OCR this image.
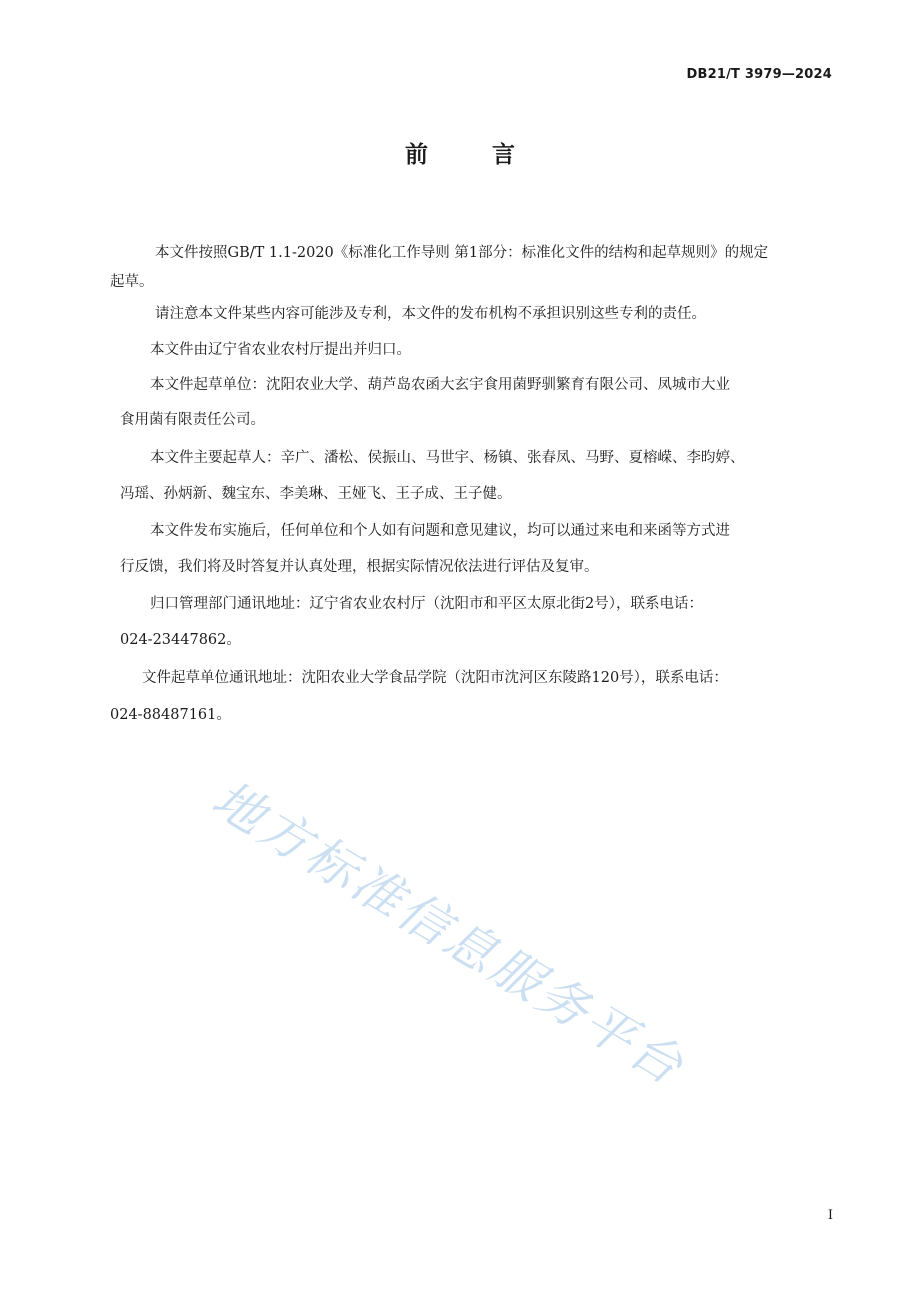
DB21/T 3979—2024
前 言
本文件按照GB/T 1.1-2020《标准化工作导则 第1部分：标准化文件的结构和起草规则》的规定
起草。
请注意本文件某些内容可能涉及专利，本文件的发布机构不承担识别这些专利的责任。
本文件由辽宁省农业农村厅提出并归口。
本文件起草单位：沈阳农业大学、葫芦岛农函大玄宇食用菌野驯繁育有限公司、凤城市大业
食用菌有限责任公司。
本文件主要起草人：辛广、潘松、侯振山、马世宇、杨镇、张春凤、马野、夏榕嵘、李昀婷、
冯瑶、孙炳新、魏宝东、李美琳、王娅飞、王子成、王子健。
本文件发布实施后，任何单位和个人如有问题和意见建议，均可以通过来电和来函等方式进
行反馈，我们将及时答复并认真处理，根据实际情况依法进行评估及复审。
归口管理部门通讯地址：辽宁省农业农村厅（沈阳市和平区太原北街2号），联系电话：
024-23447862。
文件起草单位通讯地址：沈阳农业大学食品学院（沈阳市沈河区东陵路120号），联系电话：
024-88487161。
地方标准信息服务平台
I
